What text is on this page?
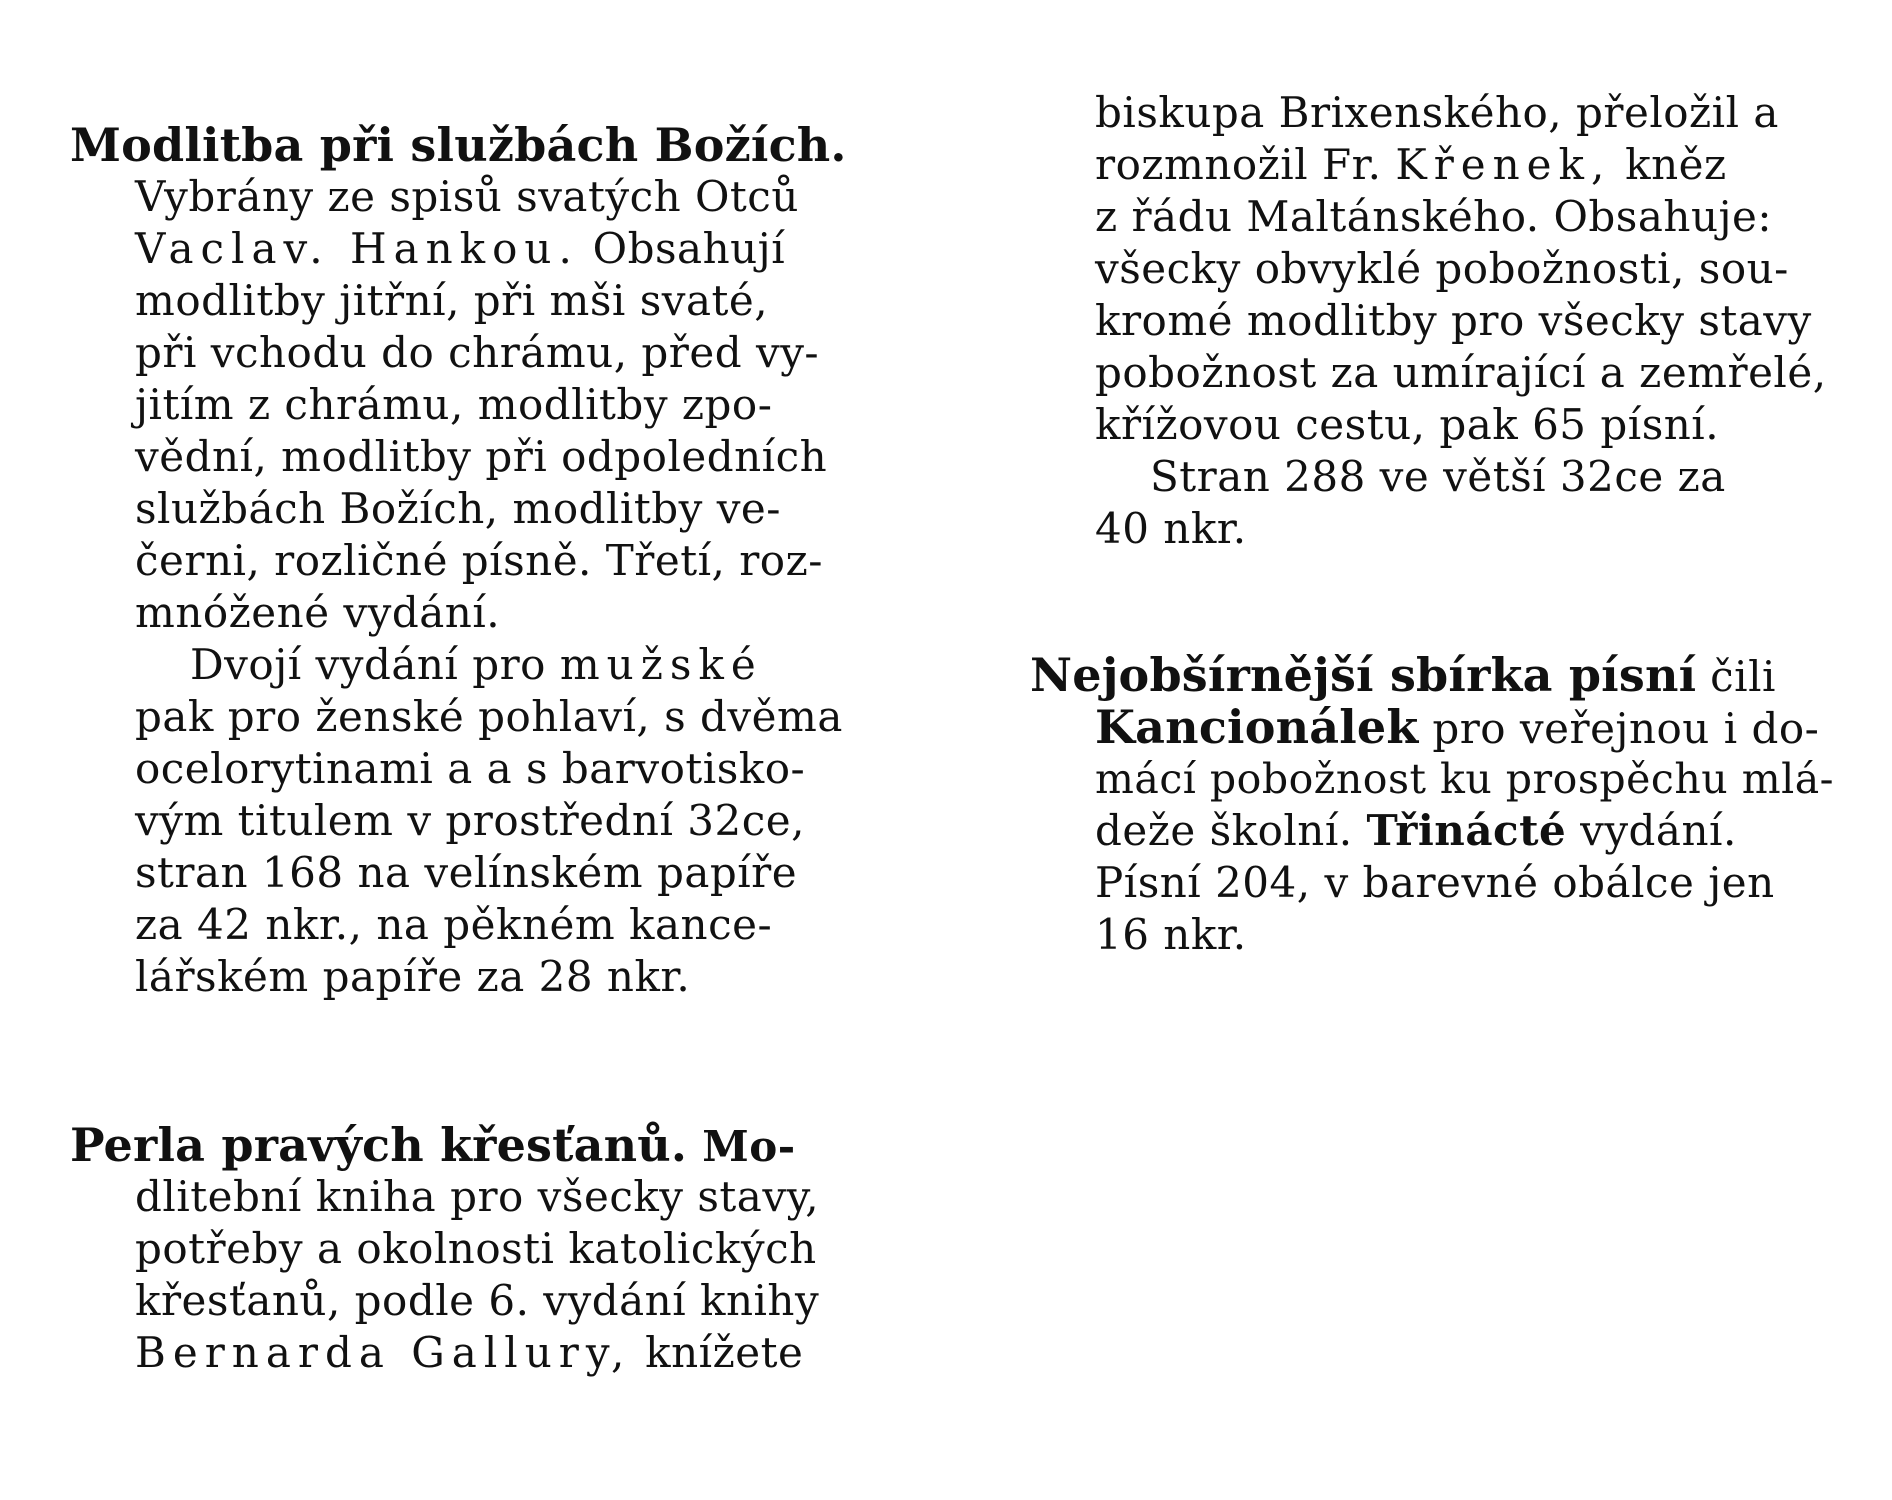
Modlitba při službách Božích.
Vybrány ze spisů svatých Otců
Vaclav. Hankou. Obsahují
modlitby jitřní, při mši svaté,
při vchodu do chrámu, před vy-
jitím z chrámu, modlitby zpo-
vědní, modlitby při odpoledních
službách Božích, modlitby ve-
černi, rozličné písně. Třetí, roz-
mnóžené vydání.
Dvojí vydání pro mužské
pak pro ženské pohlaví, s dvěma
ocelorytinami a a s barvotisko-
vým titulem v prostřední 32ce,
stran 168 na velínském papíře
za 42 nkr., na pěkném kance-
lářském papíře za 28 nkr.
Perla pravých křesťanů. Mo-
dlitební kniha pro všecky stavy,
potřeby a okolnosti katolických
křesťanů, podle 6. vydání knihy
Bernarda Gallury, knížete
biskupa Brixenského, přeložil a
rozmnožil Fr. Křenek, kněz
z řádu Maltánského. Obsahuje:
všecky obvyklé pobožnosti, sou-
kromé modlitby pro všecky stavy
pobožnost za umírající a zemřelé,
křížovou cestu, pak 65 písní.
Stran 288 ve větší 32ce za
40 nkr.
Nejobšírnější sbírka písní čili
Kancionálek pro veřejnou i do-
mácí pobožnost ku prospěchu mlá-
deže školní. Třinácté vydání.
Písní 204, v barevné obálce jen
16 nkr.
